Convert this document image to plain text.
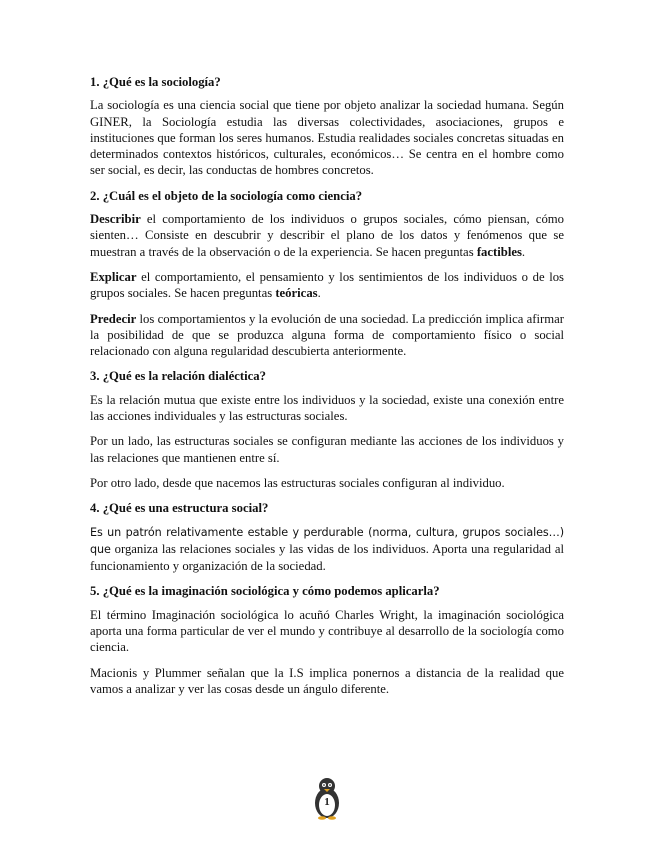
1. ¿Qué es la sociología?

La sociología es una ciencia social que tiene por objeto analizar la sociedad humana. Según GINER, la Sociología estudia las diversas colectividades, asociaciones, grupos e instituciones que forman los seres humanos. Estudia realidades sociales concretas situadas en determinados contextos históricos, culturales, económicos… Se centra en el hombre como ser social, es decir, las conductas de hombres concretos.

2. ¿Cuál es el objeto de la sociología como ciencia?

Describir el comportamiento de los individuos o grupos sociales, cómo piensan, cómo sienten… Consiste en descubrir y describir el plano de los datos y fenómenos que se muestran a través de la observación o de la experiencia. Se hacen preguntas factibles.

Explicar el comportamiento, el pensamiento y los sentimientos de los individuos o de los grupos sociales. Se hacen preguntas teóricas.

Predecir los comportamientos y la evolución de una sociedad. La predicción implica afirmar la posibilidad de que se produzca alguna forma de comportamiento físico o social relacionado con alguna regularidad descubierta anteriormente.

3. ¿Qué es la relación dialéctica?

Es la relación mutua que existe entre los individuos y la sociedad, existe una conexión entre las acciones individuales y las estructuras sociales.

Por un lado, las estructuras sociales se configuran mediante las acciones de los individuos y las relaciones que mantienen entre sí.

Por otro lado, desde que nacemos las estructuras sociales configuran al individuo.

4. ¿Qué es una estructura social?

Es un patrón relativamente estable y perdurable (norma, cultura, grupos sociales…) que organiza las relaciones sociales y las vidas de los individuos. Aporta una regularidad al funcionamiento y organización de la sociedad.

5. ¿Qué es la imaginación sociológica y cómo podemos aplicarla?

El término Imaginación sociológica lo acuñó Charles Wright, la imaginación sociológica aporta una forma particular de ver el mundo y contribuye al desarrollo de la sociología como ciencia.

Macionis y Plummer señalan que la I.S implica ponernos a distancia de la realidad que vamos a analizar y ver las cosas desde un ángulo diferente.

1
